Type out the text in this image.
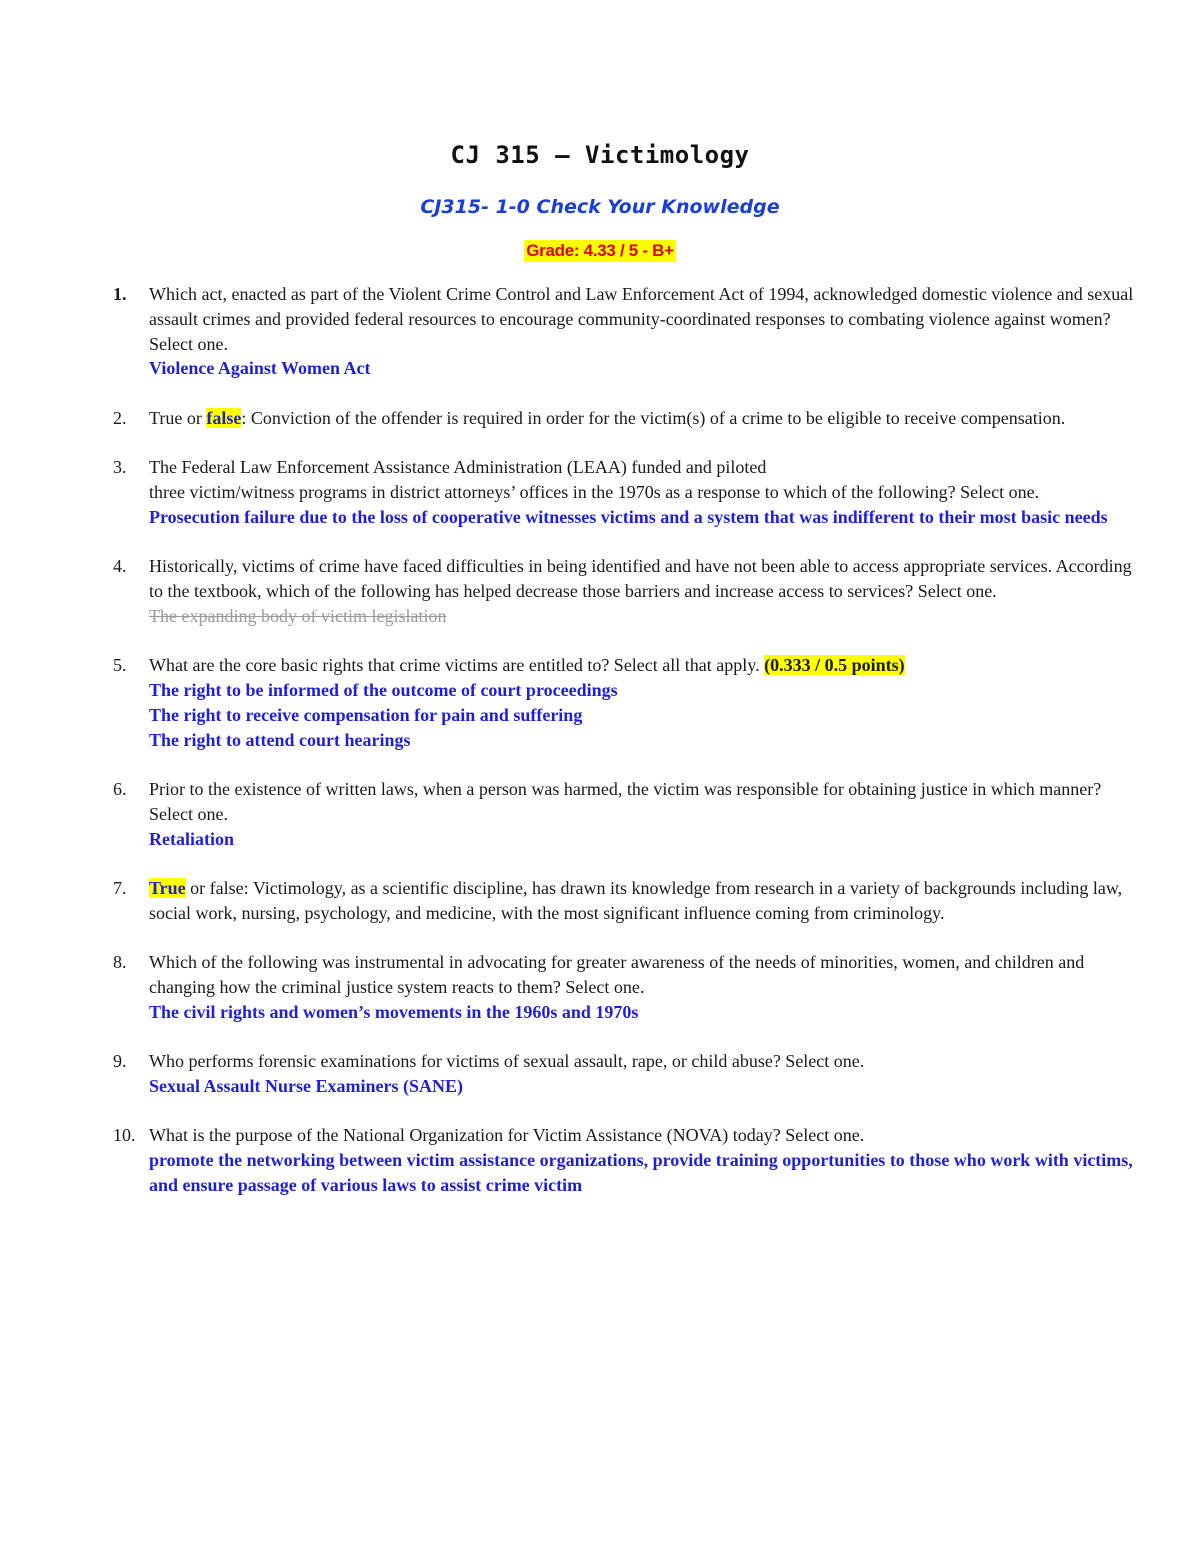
CJ 315 – Victimology
CJ315- 1-0 Check Your Knowledge
Grade: 4.33 / 5 - B+
1.	Which act, enacted as part of the Violent Crime Control and Law Enforcement Act of 1994, acknowledged domestic violence and sexual assault crimes and provided federal resources to encourage community-coordinated responses to combating violence against women? Select one.
Violence Against Women Act
2.	True or false: Conviction of the offender is required in order for the victim(s) of a crime to be eligible to receive compensation.
3.	The Federal Law Enforcement Assistance Administration (LEAA) funded and piloted
three victim/witness programs in district attorneys’ offices in the 1970s as a response to which of the following? Select one.
Prosecution failure due to the loss of cooperative witnesses victims and a system that was indifferent to their most basic needs
4.	Historically, victims of crime have faced difficulties in being identified and have not been able to access appropriate services. According to the textbook, which of the following has helped decrease those barriers and increase access to services? Select one.
The expanding body of victim legislation
5.	What are the core basic rights that crime victims are entitled to? Select all that apply. (0.333 / 0.5 points)
The right to be informed of the outcome of court proceedings
The right to receive compensation for pain and suffering
The right to attend court hearings
6.	Prior to the existence of written laws, when a person was harmed, the victim was responsible for obtaining justice in which manner? Select one.
Retaliation
7.	True or false: Victimology, as a scientific discipline, has drawn its knowledge from research in a variety of backgrounds including law, social work, nursing, psychology, and medicine, with the most significant influence coming from criminology.
8.	Which of the following was instrumental in advocating for greater awareness of the needs of minorities, women, and children and changing how the criminal justice system reacts to them? Select one.
The civil rights and women’s movements in the 1960s and 1970s
9.	Who performs forensic examinations for victims of sexual assault, rape, or child abuse? Select one.
Sexual Assault Nurse Examiners (SANE)
10. What is the purpose of the National Organization for Victim Assistance (NOVA) today? Select one.
promote the networking between victim assistance organizations, provide training opportunities to those who work with victims, and ensure passage of various laws to assist crime victim
